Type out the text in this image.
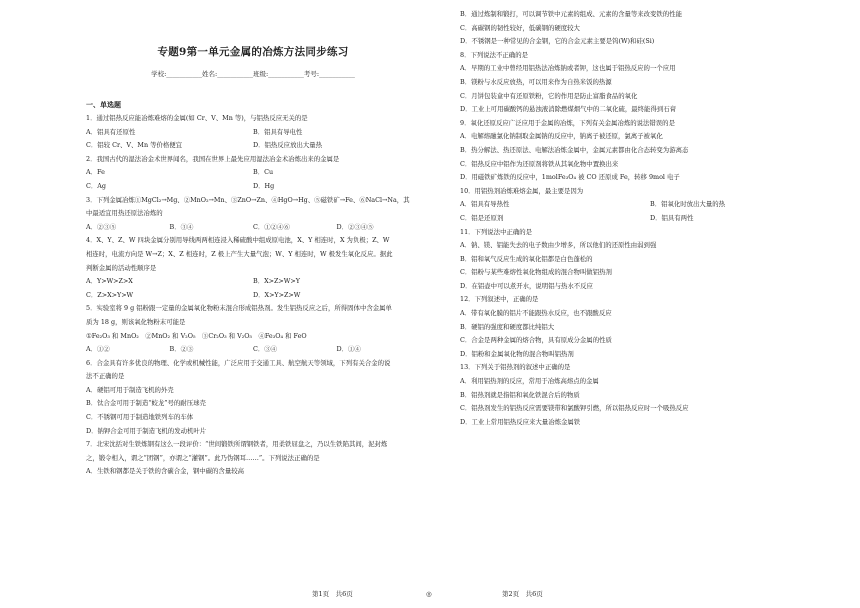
专题9第一单元金属的冶炼方法同步练习
学校:___________姓名:___________班级:___________考号:___________
一、单选题
1．通过铝热反应能冶炼难熔的金属(如 Cr、V、Mn 等)，与铝热反应无关的是
A．铝具有还原性	B．铝具有导电性
C．铝较 Cr、V、Mn 等价格便宜	D．铝热反应放出大量热
2．我国古代的湿法冶金术世界闻名，我国在世界上最先应用湿法冶金术冶炼出来的金属是
A．Fe	B．Cu
C．Ag	D．Hg
3．下列金属冶炼①MgCl₂→Mg、②MnO₂→Mn、③ZnO→Zn、④HgO→Hg、⑤磁铁矿→Fe、⑥NaCl→Na，其
中最适宜用热还原法冶炼的
A．②③⑤	B．③④	C．①②④⑥	D．②③④⑤
4．X、Y、Z、W 四块金属分别用导线两两相连浸入稀硫酸中组成原电池，X、Y 相连时，X 为负极；Z、W
相连时，电流方向是 W→Z；X、Z 相连时，Z 极上产生大量气泡；W、Y 相连时，W 极发生氧化反应。据此
判断金属的活动性顺序是
A．Y>W>Z>X	B．X>Z>W>Y
C．Z>X>Y>W	D．X>Y>Z>W
5．实验室将 9 g 铝粉跟一定量的金属氧化物粉末混合形成铝热剂。发生铝热反应之后，所得固体中含金属单
质为 18 g，则该氧化物粉末可能是
①Fe₂O₃ 和 MnO₂　②MnO₂ 和 V₂O₅　③Cr₂O₃ 和 V₂O₅　④Fe₃O₄ 和 FeO
A．①②	B．②③	C．③④	D．①④
6．合金具有许多优良的物理、化学或机械性能，广泛应用于交通工具、航空航天等领域，下列有关合金的说
法不正确的是
A．硬铝可用于制造飞机的外壳
B．钛合金可用于制造“蛟龙”号的耐压球壳
C．不锈钢可用于制造地铁列车的车体
D．钠钾合金可用于制造飞机的发动机叶片
7．北宋沈括对生铁炼钢有这么一段评价：“世间锻铁所谓钢铁者，用柔铁屈盘之，乃以生铁陷其间，泥封炼
之，锻令相入，谓之“团钢”，亦谓之“灌钢”。此乃伪钢耳……”。下列说法正确的是
A．生铁和钢都是关于铁的含碳合金，钢中碳的含量较高
B．通过炼制和锻打，可以调节铁中元素的组成、元素的含量等来改变铁的性能
C．高碳钢的韧性较好，低碳钢的硬度较大
D．不锈钢是一种常见的合金钢，它的合金元素主要是钨(W)和硅(Si)
8．下列说法不正确的是
A．早期的工业中曾经用铝热法冶炼钠或者钾，这也属于铝热反应的一个应用
B．镁粉与水反应放热，可以用来作为自热米饭的热源
C．月饼包装盒中有还原铁粉，它的作用是防止富脂食品的氧化
D．工业上可用碳酸钙的悬浊液消除燃煤烟气中的二氧化硫，最终能得到石膏
9．氧化还原反应广泛应用于金属的冶炼，下列有关金属冶炼的说法错误的是
A．电解熔融氯化钠制取金属钠的反应中，钠离子被还原，氯离子被氧化
B．热分解法、热还原法、电解法冶炼金属中，金属元素都由化合态转变为游离态
C．铝热反应中铝作为还原剂将铁从其氧化物中置换出来
D．用磁铁矿炼铁的反应中，1molFe₃O₄ 被 CO 还原成 Fe，转移 9mol 电子
10．用铝热剂冶炼难熔金属，最主要是因为
A．铝具有导热性	B．铝氧化时放出大量的热
C．铝是还原剂	D．铝具有两性
11．下列说法中正确的是
A．钠、镁、铝能失去的电子数由少增多，所以他们的还原性由弱到强
B．铝和氧气反应生成的氧化铝都是白色蓬松的
C．铝粉与某些难熔性氧化物组成的混合物叫做铝热剂
D．在铝壶中可以煮开水，说明铝与热水不反应
12．下列叙述中，正确的是
A．带有氧化膜的铝片不能跟热水反应，也不跟酸反应
B．硬铝的强度和硬度都比纯铝大
C．合金是两种金属的熔合物，具有原成分金属的性质
D．铝粉和金属氧化物的混合物叫铝热剂
13．下列关于铝热剂的叙述中正确的是
A．利用铝热剂的反应，常用于冶炼高熔点的金属
B．铝热剂就是指铝和氧化铁混合后的物质
C．铝热剂发生的铝热反应需要镁带和氯酸钾引燃，所以铝热反应时一个吸热反应
D．工业上常用铝热反应来大量冶炼金属铁
第1页　共6页	◎	第2页　共6页
